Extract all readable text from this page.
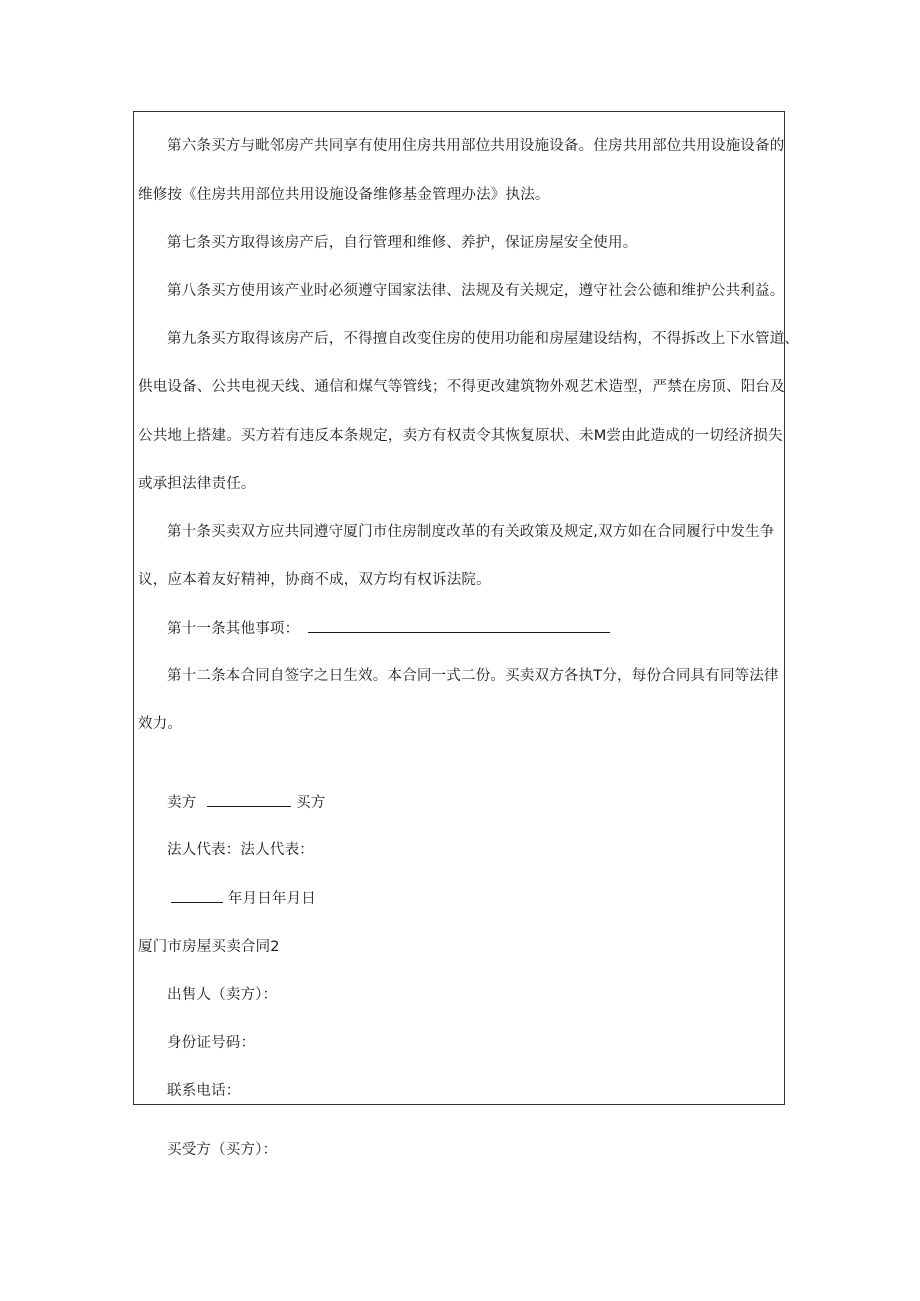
第六条买方与毗邻房产共同享有使用住房共用部位共用设施设备。住房共用部位共用设施设备的
维修按《住房共用部位共用设施设备维修基金管理办法》执法。
第七条买方取得该房产后，自行管理和维修、养护，保证房屋安全使用。
第八条买方使用该产业时必须遵守国家法律、法规及有关规定，遵守社会公德和维护公共利益。
第九条买方取得该房产后，不得擅自改变住房的使用功能和房屋建设结构，不得拆改上下水管道、
供电设备、公共电视天线、通信和煤气等管线；不得更改建筑物外观艺术造型，严禁在房顶、阳台及
公共地上搭建。买方若有违反本条规定，卖方有权责令其恢复原状、未M尝由此造成的一切经济损失
或承担法律责任。
第十条买卖双方应共同遵守厦门市住房制度改革的有关政策及规定,双方如在合同履行中发生争
议，应本着友好精神，协商不成，双方均有权诉法院。
第十一条其他事项：
第十二条本合同自签字之日生效。本合同一式二份。买卖双方各执T分，每份合同具有同等法律
效力。
卖方	买方
法人代表：法人代表：
年月日年月日
厦门市房屋买卖合同2
出售人（卖方）：
身份证号码：
联系电话：
买受方（买方）：
